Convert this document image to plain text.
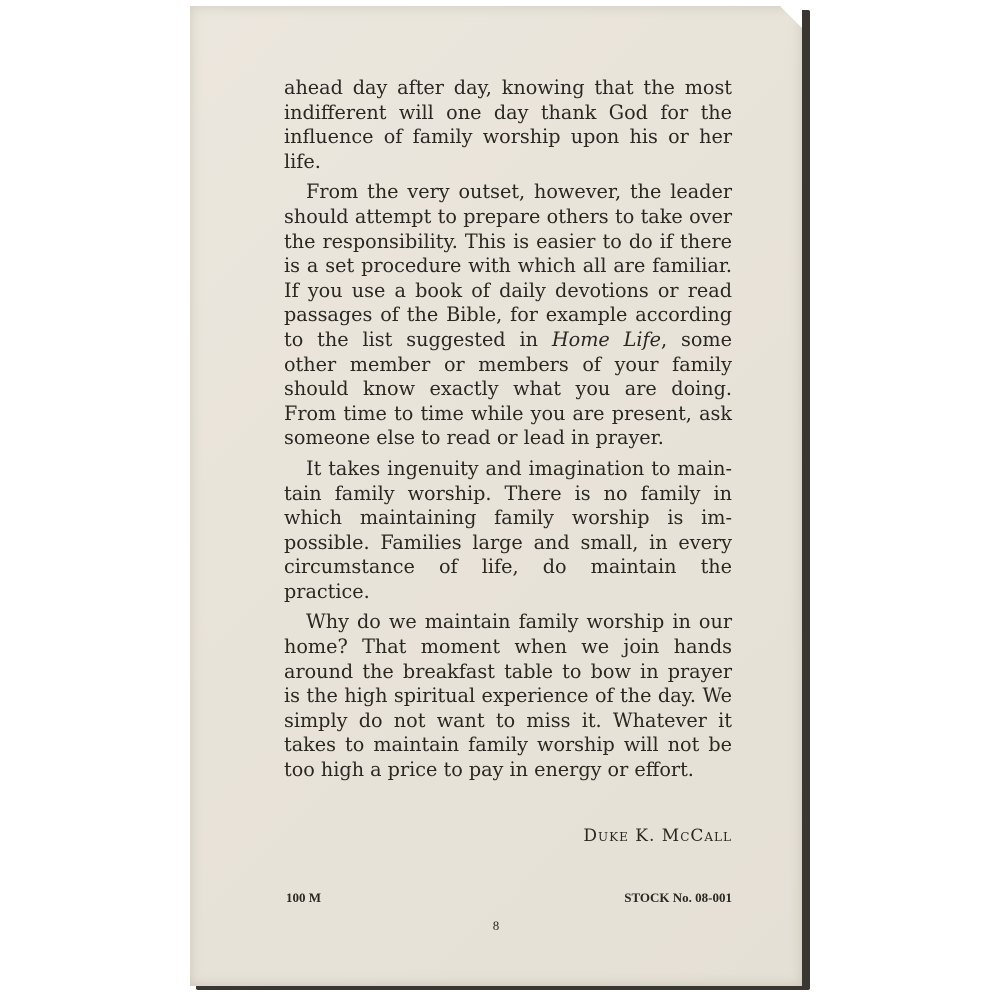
ahead day after day, knowing that the most indifferent will one day thank God for the influence of family worship upon his or her life.

From the very outset, however, the leader should attempt to prepare others to take over the responsibility. This is easier to do if there is a set procedure with which all are familiar. If you use a book of daily devotions or read passages of the Bible, for example according to the list suggested in Home Life, some other member or members of your family should know exactly what you are doing. From time to time while you are present, ask someone else to read or lead in prayer.

It takes ingenuity and imagination to maintain family worship. There is no family in which maintaining family worship is impossible. Families large and small, in every circumstance of life, do maintain the practice.

Why do we maintain family worship in our home? That moment when we join hands around the breakfast table to bow in prayer is the high spiritual experience of the day. We simply do not want to miss it. Whatever it takes to maintain family worship will not be too high a price to pay in energy or effort.

Duke K. McCall
100 M	STOCK No. 08-001
8
